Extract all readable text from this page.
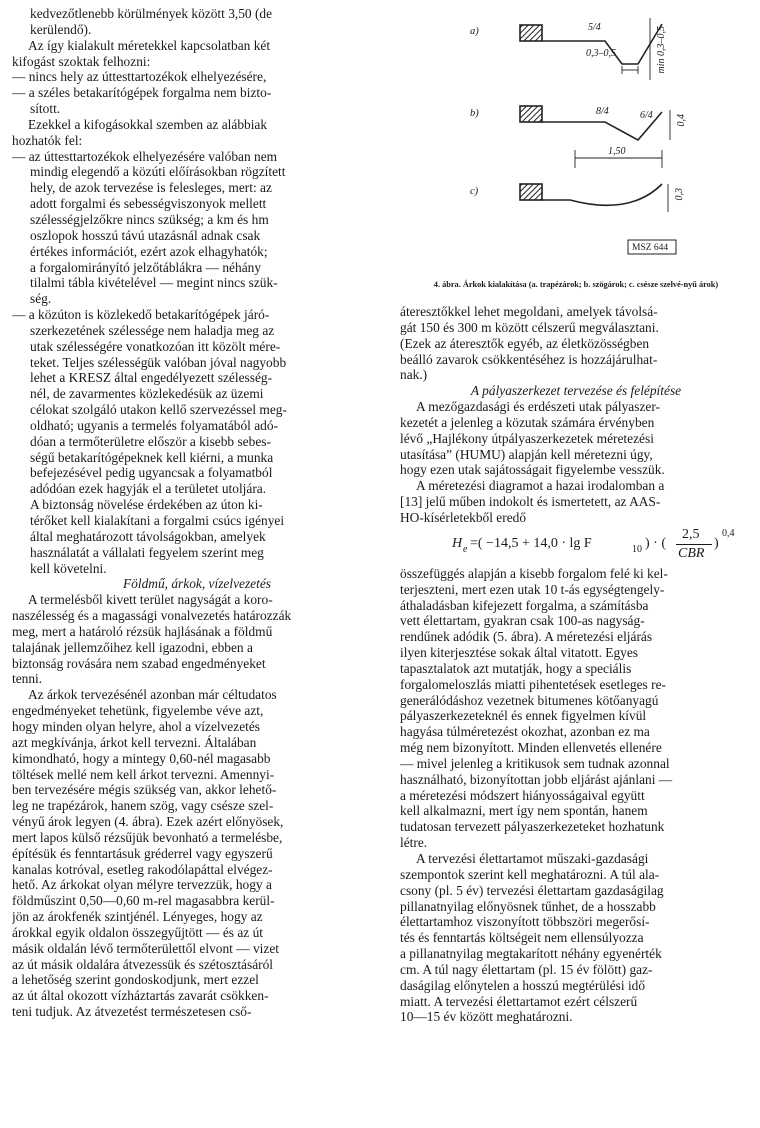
kedvezőtlenebb körülmények között 3,50 (de
kerülendő).
Az így kialakult méretekkel kapcsolatban két
kifogást szoktak felhozni:
— nincs hely az úttesttartozékok elhelyezésére,
— a széles betakarítógépek forgalma nem bizto-
sított.
Ezekkel a kifogásokkal szemben az alábbiak
hozhatók fel:
— az úttesttartozékok elhelyezésére valóban nem
mindig elegendő a közúti előírásokban rögzített
hely, de azok tervezése is felesleges, mert: az
adott forgalmi és sebességviszonyok mellett
szélességjelzőkre nincs szükség; a km és hm
oszlopok hosszú távú utazásnál adnak csak
értékes információt, ezért azok elhagyhatók;
a forgalomirányító jelzőtáblákra — néhány
tilalmi tábla kivételével — megint nincs szük-
ség.
— a közúton is közlekedő betakarítógépek járó-
szerkezetének szélessége nem haladja meg az
utak szélességére vonatkozóan itt közölt mére-
teket. Teljes szélességük valóban jóval nagyobb
lehet a KRESZ által engedélyezett szélesség-
nél, de zavarmentes közlekedésük az üzemi
célokat szolgáló utakon kellő szervezéssel meg-
oldható; ugyanis a termelés folyamatából adó-
dóan a termőterületre először a kisebb sebes-
ségű betakarítógépeknek kell kiérni, a munka
befejezésével pedig ugyancsak a folyamatból
adódóan ezek hagyják el a területet utoljára.
A biztonság növelése érdekében az úton ki-
térőket kell kialakítani a forgalmi csúcs igényei
által meghatározott távolságokban, amelyek
használatát a vállalati fegyelem szerint meg
kell követelni.
Földmű, árkok, vízelvezetés
A termelésből kivett terület nagyságát a koro-
naszélesség és a magassági vonalvezetés határozzák
meg, mert a határoló rézsük hajlásának a földmű
talajának jellemzőihez kell igazodni, ebben a
biztonság rovására nem szabad engedményeket
tenni.
Az árkok tervezésénél azonban már céltudatos
engedményeket tehetünk, figyelembe véve azt,
hogy minden olyan helyre, ahol a vízelvezetés
azt megkívánja, árkot kell tervezni. Általában
kimondható, hogy a mintegy 0,60-nél magasabb
töltések mellé nem kell árkot tervezni. Amennyi-
ben tervezésére mégis szükség van, akkor lehető-
leg ne trapézárok, hanem szög, vagy csésze szel-
vényű árok legyen (4. ábra). Ezek azért előnyösek,
mert lapos külső rézsűjük bevonható a termelésbe,
építésük és fenntartásuk gréderrel vagy egyszerű
kanalas kotróval, esetleg rakodólapáttal elvégez-
hető. Az árkokat olyan mélyre tervezzük, hogy a
földműszint 0,50—0,60 m-rel magasabbra kerül-
jön az árokfenék szintjénél. Lényeges, hogy az
árokkal egyik oldalon összegyűjtött — és az út
másik oldalán lévő termőterülettől elvont — vizet
az út másik oldalára átvezessük és szétosztásáról
a lehetőség szerint gondoskodjunk, mert ezzel
az út által okozott vízháztartás zavarát csökken-
teni tudjuk. Az átvezetést természetesen cső-
a)
b)
c)
5/4
0,3–0,5	min 0,3–0,5
8/4	6/4 0,4
1,50
0,3
MSZ 644
4. ábra. Árkok kialakítása (a. trapézárok; b. szögárok; c. csésze szelvé-nyű árok)
áteresztőkkel lehet megoldani, amelyek távolsá-
gát 150 és 300 m között célszerű megválasztani.
(Ezek az áteresztők egyéb, az életközösségben
beálló zavarok csökkentéséhez is hozzájárulhat-
nak.)
A pályaszerkezet tervezése és felépítése
A mezőgazdasági és erdészeti utak pályaszer-
kezetét a jelenleg a közutak számára érvényben
lévő „Hajlékony útpályaszerkezetek méretezési
utasítása” (HUMU) alapján kell méretezni úgy,
hogy ezen utak sajátosságait figyelembe vesszük.
A méretezési diagramot a hazai irodalomban a
[13] jelű műben indokolt és ismertetett, az AAS-
HO-kísérletekből eredő
H e =( −14,5 + 14,0 · lg F	10 ) · (
2,5
CBR
)
0,4
összefüggés alapján a kisebb forgalom felé ki kel-
terjeszteni, mert ezen utak 10 t-ás egységtengely-
áthaladásban kifejezett forgalma, a számításba
vett élettartam, gyakran csak 100-as nagyság-
rendűnek adódik (5. ábra). A méretezési eljárás
ilyen kiterjesztése sokak által vitatott. Egyes
tapasztalatok azt mutatják, hogy a speciális
forgalomeloszlás miatti pihentetések esetleges re-
generálódáshoz vezetnek bitumenes kötőanyagú
pályaszerkezeteknél és ennek figyelmen kívül
hagyása túlméretezést okozhat, azonban ez ma
még nem bizonyított. Minden ellenvetés ellenére
— mivel jelenleg a kritikusok sem tudnak azonnal
használható, bizonyítottan jobb eljárást ajánlani —
a méretezési módszert hiányosságaival együtt
kell alkalmazni, mert így nem spontán, hanem
tudatosan tervezett pályaszerkezeteket hozhatunk
létre.
A tervezési élettartamot műszaki-gazdasági
szempontok szerint kell meghatározni. A túl ala-
csony (pl. 5 év) tervezési élettartam gazdaságilag
pillanatnyilag előnyösnek tűnhet, de a hosszabb
élettartamhoz viszonyított többszöri megerősí-
tés és fenntartás költségeit nem ellensúlyozza
a pillanatnyilag megtakarított néhány egyenérték
cm. A túl nagy élettartam (pl. 15 év fölött) gaz-
daságilag előnytelen a hosszú megtérülési idő
miatt. A tervezési élettartamot ezért célszerű
10—15 év között meghatározni.
